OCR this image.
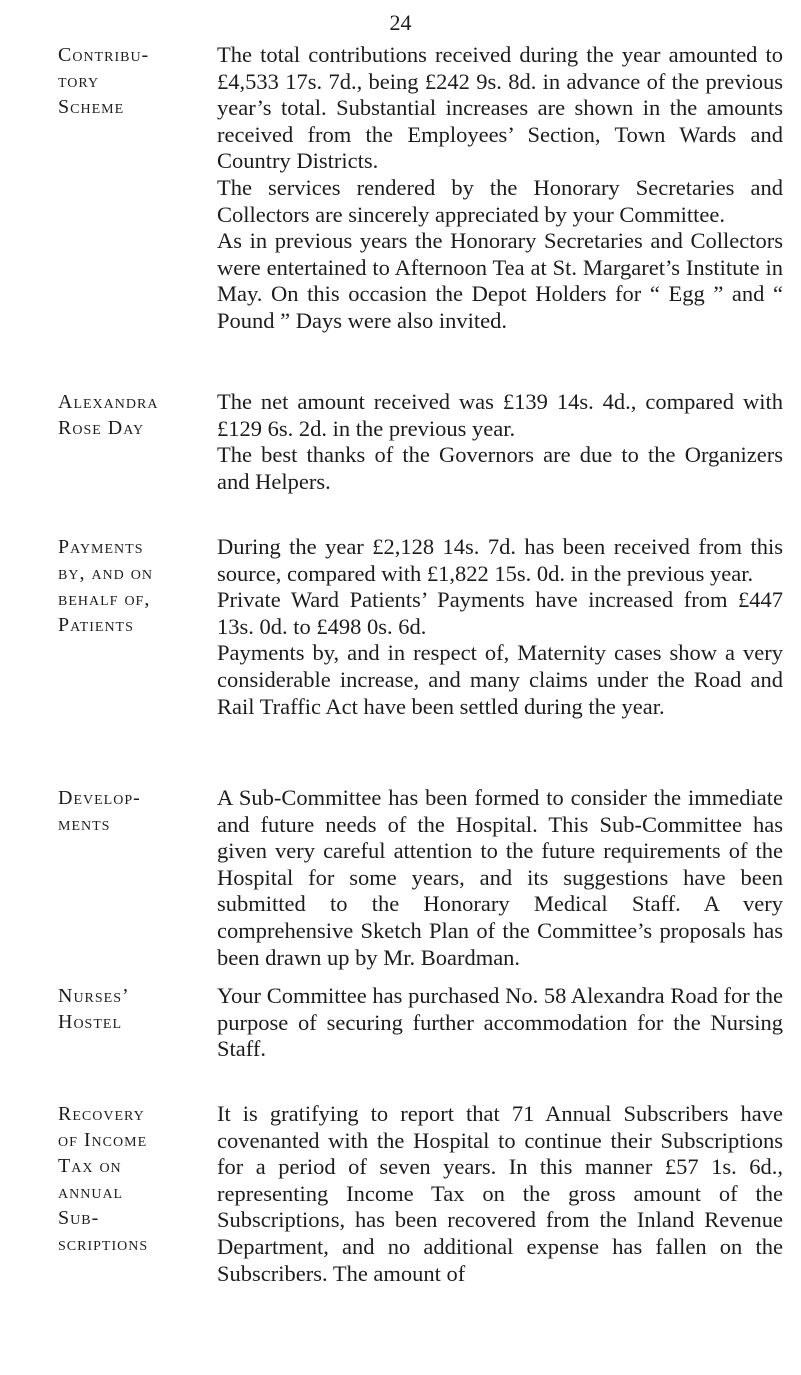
24
Contribu-
tory
Scheme

The total contributions received during the year amounted to £4,533 17s. 7d., being £242 9s. 8d. in advance of the previous year’s total. Substantial increases are shown in the amounts received from the Employees’ Section, Town Wards and Country Districts.

The services rendered by the Honorary Secretaries and Collectors are sincerely appreciated by your Committee.

As in previous years the Honorary Secretaries and Collectors were entertained to Afternoon Tea at St. Margaret’s Institute in May. On this occasion the Depot Holders for “ Egg ” and “ Pound ” Days were also invited.

Alexandra
Rose Day

The net amount received was £139 14s. 4d., compared with £129 6s. 2d. in the previous year.

The best thanks of the Governors are due to the Organizers and Helpers.

Payments
by, and on
behalf of,
Patients

During the year £2,128 14s. 7d. has been received from this source, compared with £1,822 15s. 0d. in the previous year.

Private Ward Patients’ Payments have increased from £447 13s. 0d. to £498 0s. 6d.

Payments by, and in respect of, Maternity cases show a very considerable increase, and many claims under the Road and Rail Traffic Act have been settled during the year.

Develop-
ments

A Sub-Committee has been formed to consider the immediate and future needs of the Hospital. This Sub-Committee has given very careful attention to the future requirements of the Hospital for some years, and its suggestions have been submitted to the Honorary Medical Staff. A very comprehensive Sketch Plan of the Committee’s proposals has been drawn up by Mr. Boardman.

Nurses’
Hostel

Your Committee has purchased No. 58 Alexandra Road for the purpose of securing further accommodation for the Nursing Staff.

Recovery
of Income
Tax on
annual
Sub-
scriptions

It is gratifying to report that 71 Annual Subscribers have covenanted with the Hospital to continue their Subscriptions for a period of seven years. In this manner £57 1s. 6d., representing Income Tax on the gross amount of the Subscriptions, has been recovered from the Inland Revenue Department, and no additional expense has fallen on the Subscribers. The amount of
